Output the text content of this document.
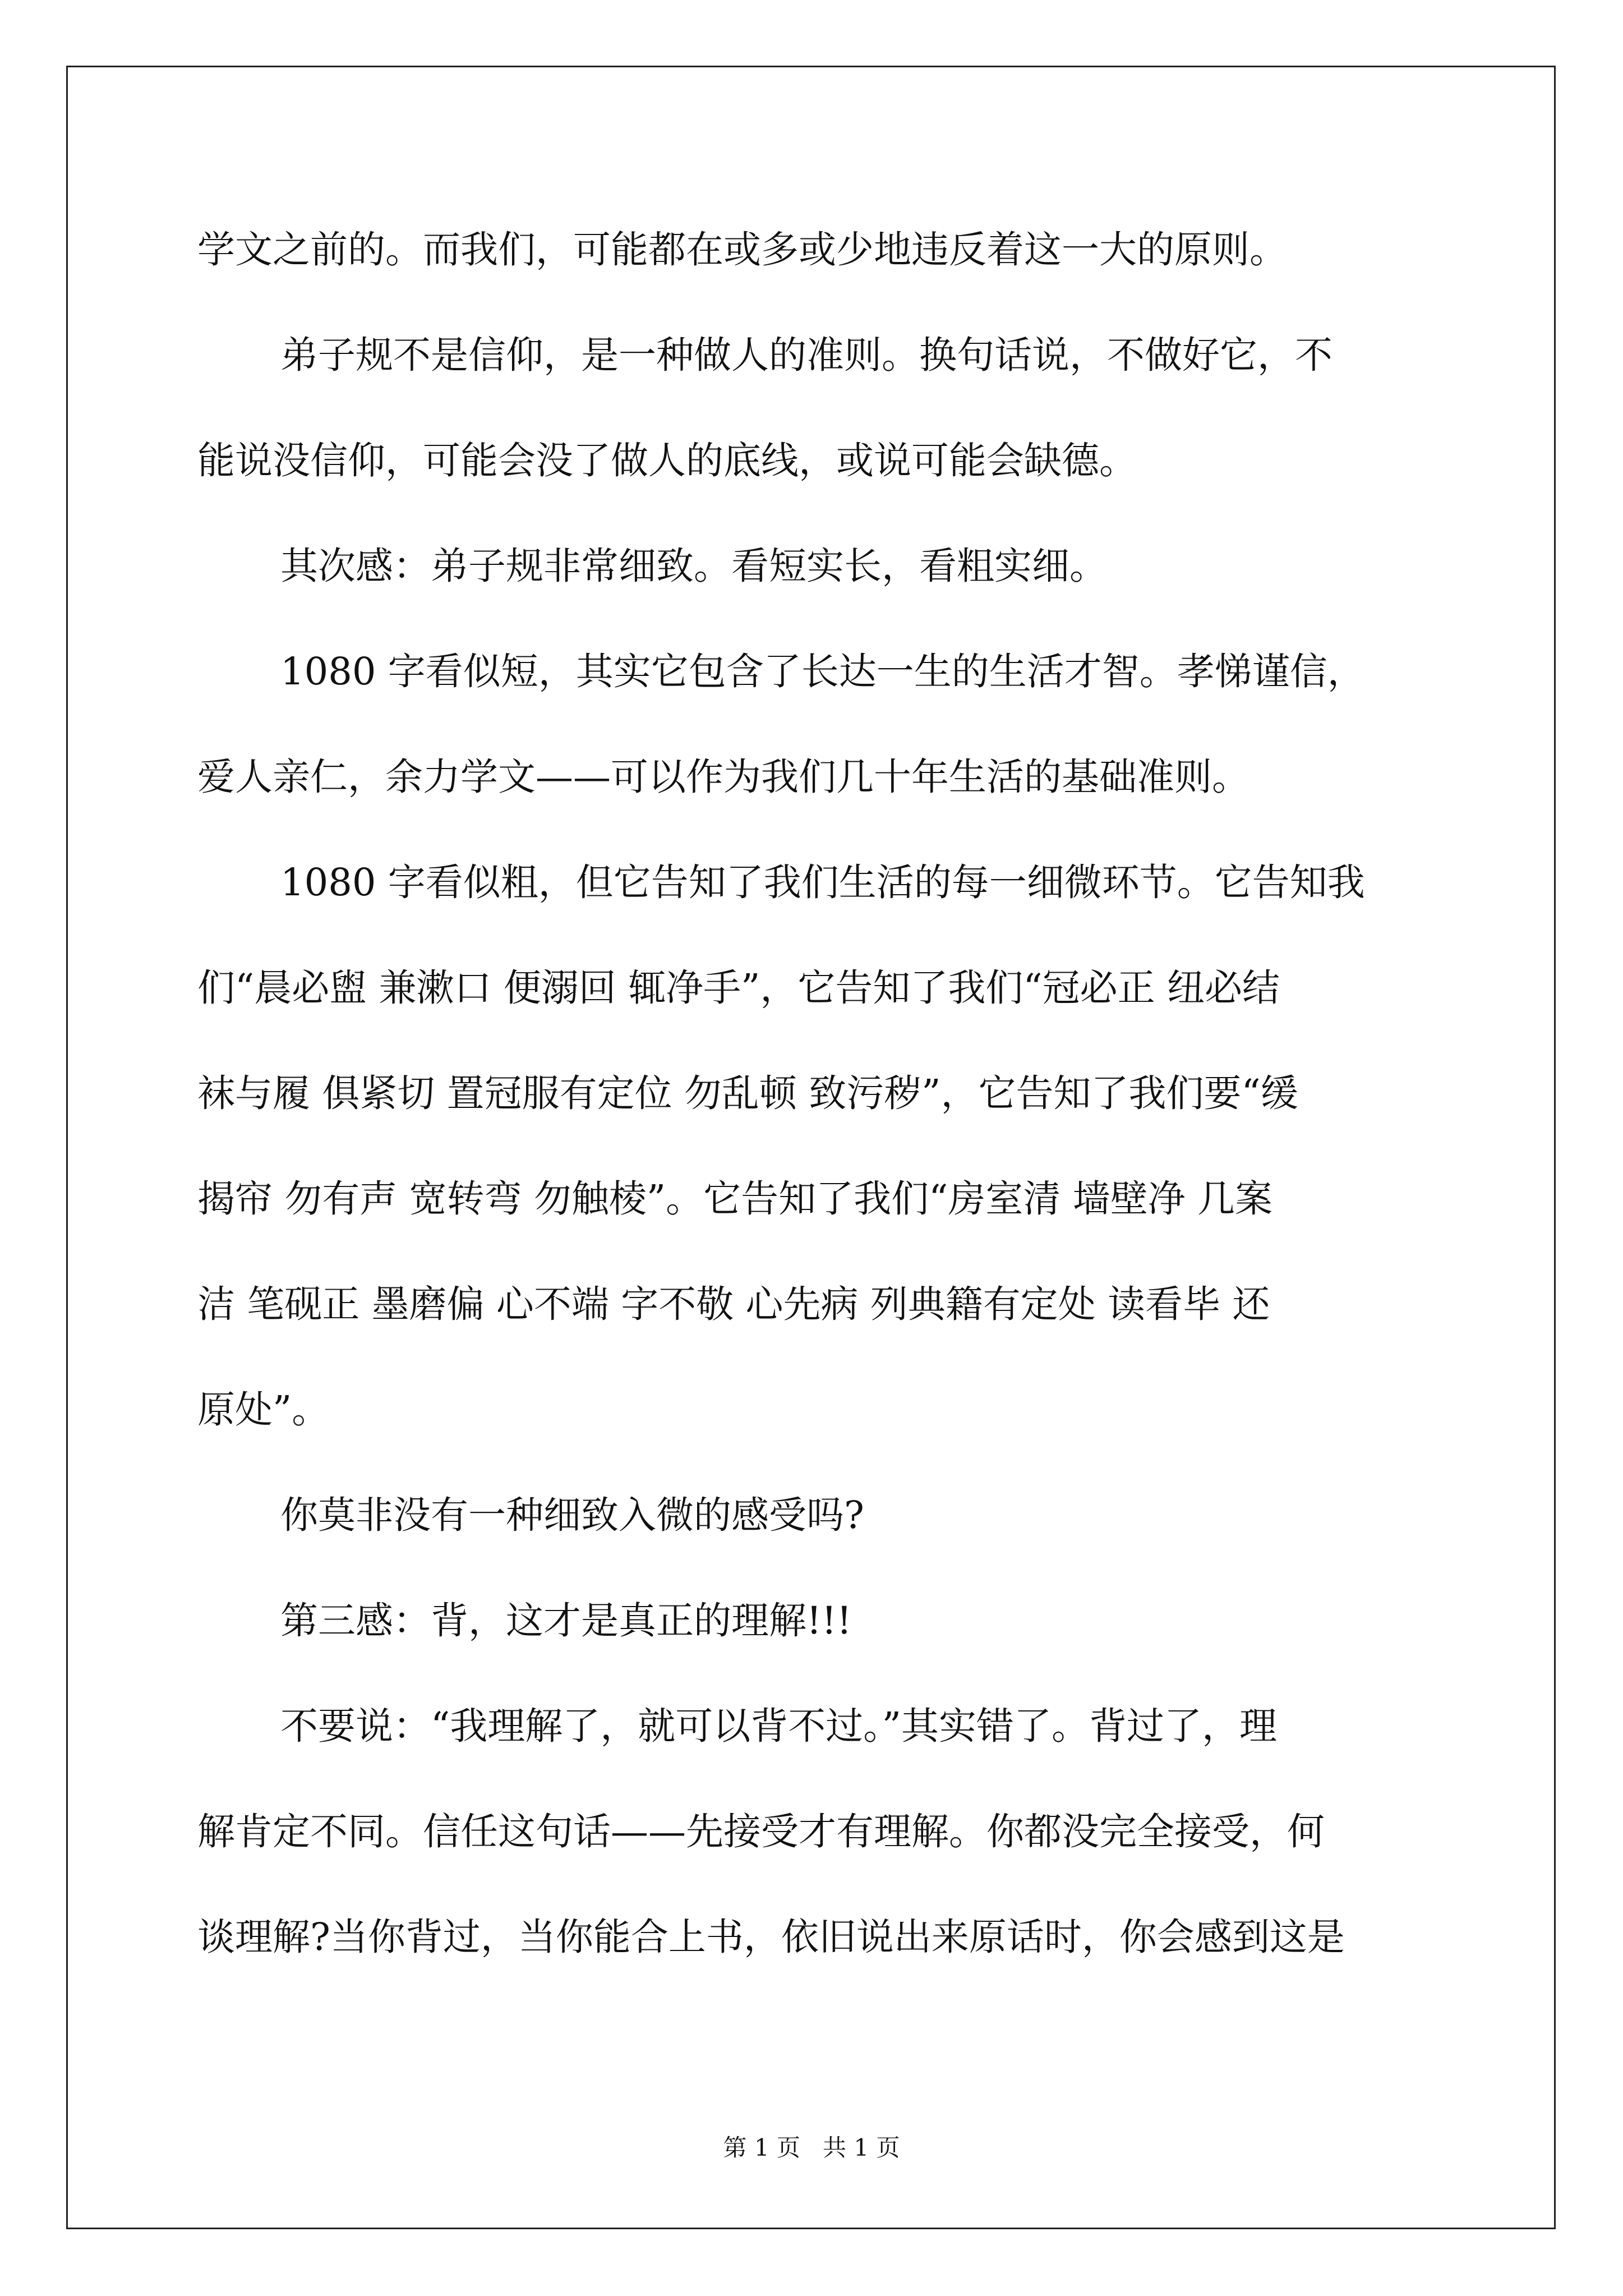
学文之前的。而我们，可能都在或多或少地违反着这一大的原则。
弟子规不是信仰，是一种做人的准则。换句话说，不做好它，不
能说没信仰，可能会没了做人的底线，或说可能会缺德。
其次感：弟子规非常细致。看短实长，看粗实细。
1080 字看似短，其实它包含了长达一生的生活才智。孝悌谨信，
爱人亲仁，余力学文——可以作为我们几十年生活的基础准则。
1080 字看似粗，但它告知了我们生活的每一细微环节。它告知我
们“晨必盥 兼漱口 便溺回 辄净手”，它告知了我们“冠必正 纽必结
袜与履 俱紧切 置冠服有定位 勿乱顿 致污秽”，它告知了我们要“缓
揭帘 勿有声 宽转弯 勿触棱”。它告知了我们“房室清 墙壁净 几案
洁 笔砚正 墨磨偏 心不端 字不敬 心先病 列典籍有定处 读看毕 还
原处”。
你莫非没有一种细致入微的感受吗?
第三感：背，这才是真正的理解!!!
不要说：“我理解了，就可以背不过。”其实错了。背过了，理
解肯定不同。信任这句话——先接受才有理解。你都没完全接受，何
谈理解?当你背过，当你能合上书，依旧说出来原话时，你会感到这是
第 1 页   共 1 页
